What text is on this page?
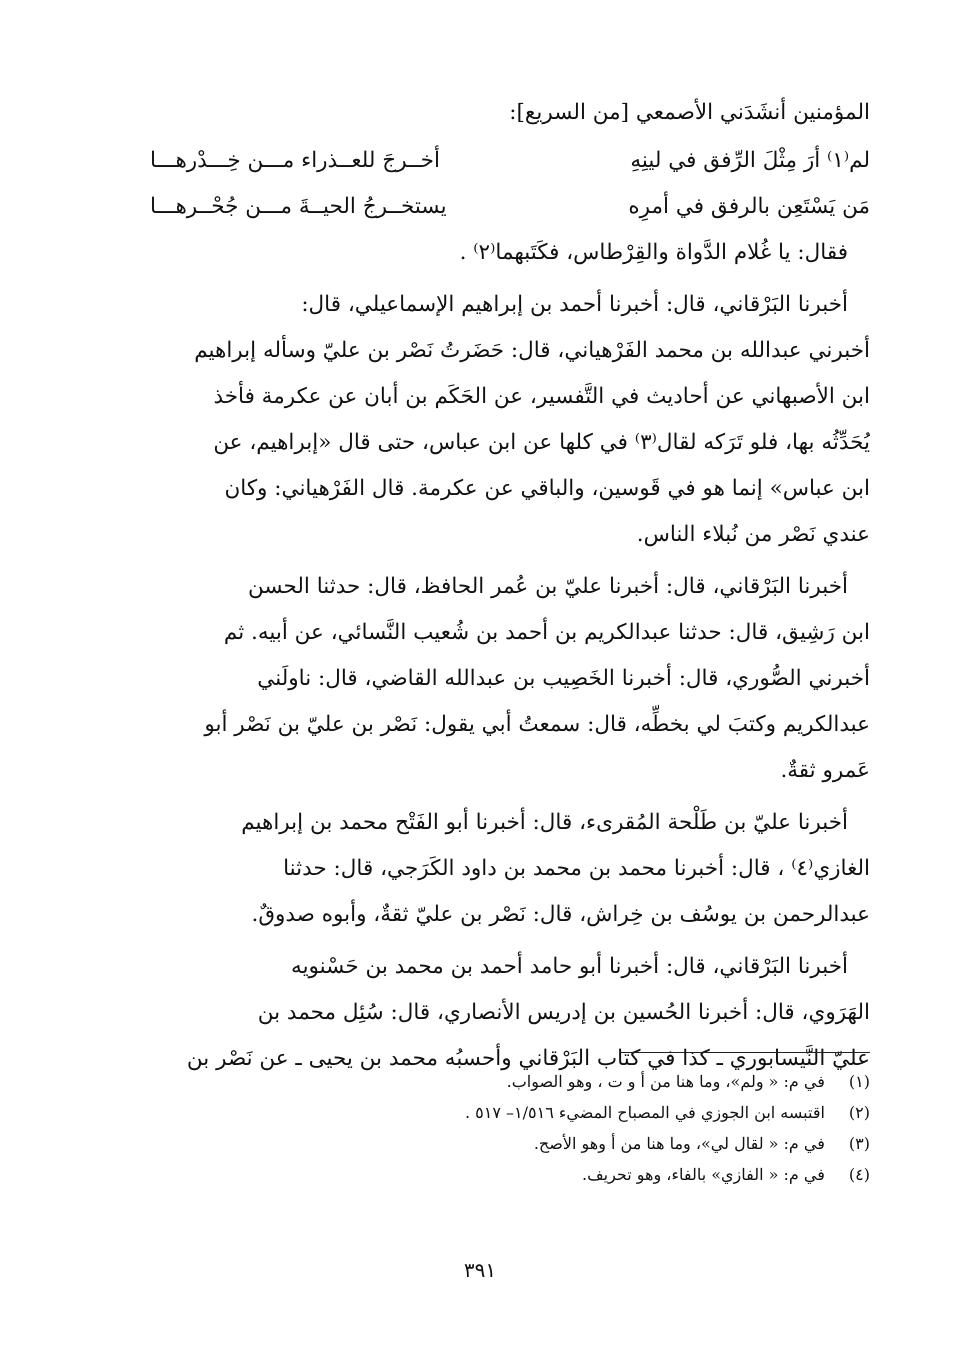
المؤمنين أنشَدَني الأصمعي [من السريع]:
لم⁽١⁾ أرَ مِثْلَ الرِّفق في لينِهِ
أخــرجَ للعــذراء مـــن خِـــدْرهـــا
مَن يَسْتَعِن بالرفق في أمرِه
يستخــرجُ الحيــةَ مـــن جُحْــرهـــا
فقال: يا غُلام الدَّواة والقِرْطاس، فكَتَبهما⁽٢⁾ .
أخبرنا البَرْقاني، قال: أخبرنا أحمد بن إبراهيم الإسماعيلي، قال:
أخبرني عبدالله بن محمد الفَرْهياني، قال: حَضَرتُ نَصْر بن عليّ وسأله إبراهيم
ابن الأصبهاني عن أحاديث في التَّفسير، عن الحَكَم بن أبان عن عكرمة فأخذ
يُحَدِّثُه بها، فلو تَرَكه لقال⁽٣⁾ في كلها عن ابن عباس، حتى قال «إبراهيم، عن
ابن عباس» إنما هو في قَوسين، والباقي عن عكرمة. قال الفَرْهياني: وكان
عندي نَصْر من نُبلاء الناس.
أخبرنا البَرْقاني، قال: أخبرنا عليّ بن عُمر الحافظ، قال: حدثنا الحسن
ابن رَشِيق، قال: حدثنا عبدالكريم بن أحمد بن شُعيب النَّسائي، عن أبيه. ثم
أخبرني الصُّوري، قال: أخبرنا الخَصِيب بن عبدالله القاضي، قال: ناولَني
عبدالكريم وكتبَ لي بخطِّه، قال: سمعتُ أبي يقول: نَصْر بن عليّ بن نَصْر أبو
عَمرو ثقةٌ.
أخبرنا عليّ بن طَلْحة المُقرىء، قال: أخبرنا أبو الفَتْح محمد بن إبراهيم
الغازي⁽٤⁾ ، قال: أخبرنا محمد بن محمد بن داود الكَرَجي، قال: حدثنا
عبدالرحمن بن يوسُف بن خِراش، قال: نَصْر بن عليّ ثقةٌ، وأبوه صدوقٌ.
أخبرنا البَرْقاني، قال: أخبرنا أبو حامد أحمد بن محمد بن حَسْنويه
الهَرَوي، قال: أخبرنا الحُسين بن إدريس الأنصاري، قال: سُئِل محمد بن
عليّ النَّيسابوري ـ كذا في كتاب البَرْقاني وأحسبُه محمد بن يحيى ـ عن نَصْر بن
(١) في م: « ولم»، وما هنا من أ و ت ، وهو الصواب.
(٢) اقتبسه ابن الجوزي في المصباح المضيء ١/٥١٦– ٥١٧ .
(٣) في م: « لقال لي»، وما هنا من أ وهو الأصح.
(٤) في م: « الفازي» بالفاء، وهو تحريف.
٣٩١
